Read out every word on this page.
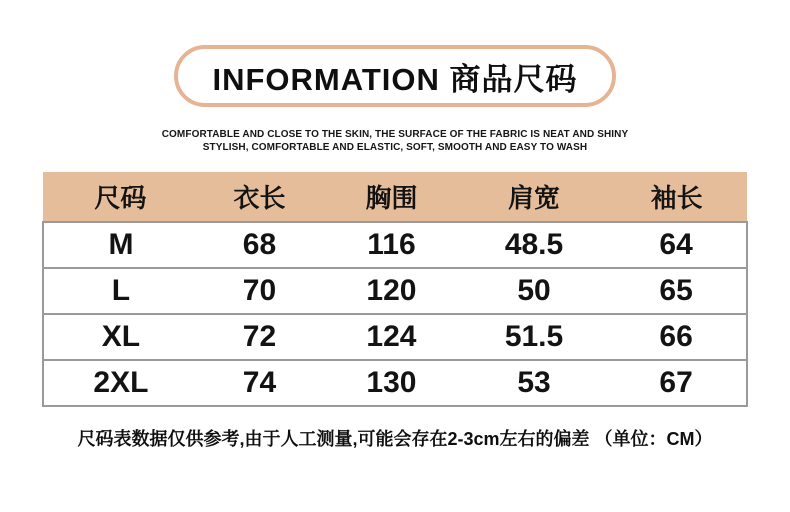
INFORMATION 商品尺码
COMFORTABLE AND CLOSE TO THE SKIN, THE SURFACE OF THE FABRIC IS NEAT AND SHINY
STYLISH, COMFORTABLE AND ELASTIC, SOFT, SMOOTH AND EASY TO WASH
尺码	衣长	胸围	肩宽	袖长
M	68	116	48.5	64
L	70	120	50	65
XL	72	124	51.5	66
2XL	74	130	53	67
尺码表数据仅供参考,由于人工测量,可能会存在2-3cm左右的偏差 （单位：CM）
